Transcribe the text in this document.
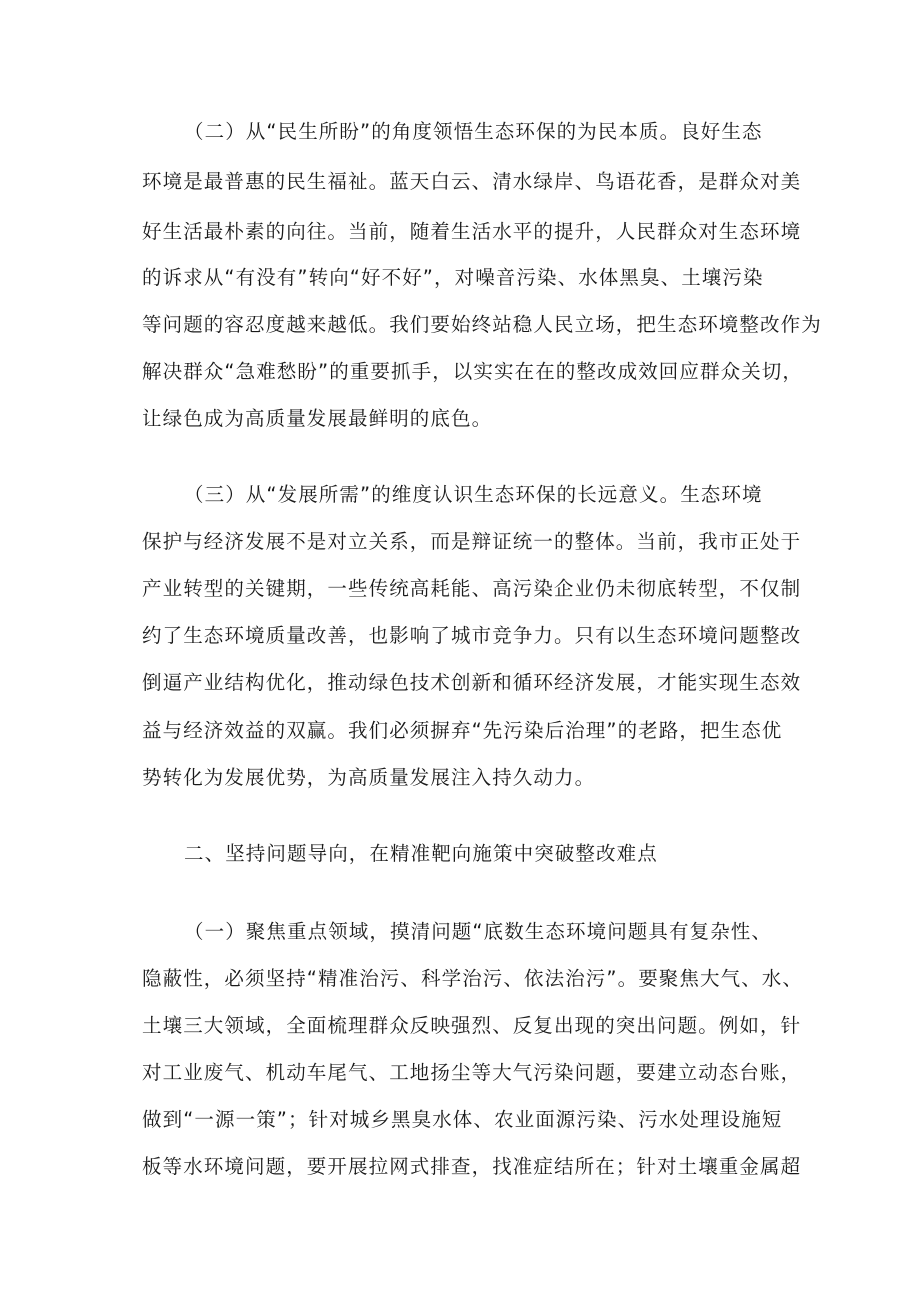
（二）从“民生所盼”的角度领悟生态环保的为民本质。良好生态
环境是最普惠的民生福祉。蓝天白云、清水绿岸、鸟语花香，是群众对美
好生活最朴素的向往。当前，随着生活水平的提升，人民群众对生态环境
的诉求从“有没有”转向“好不好”，对噪音污染、水体黑臭、土壤污染
等问题的容忍度越来越低。我们要始终站稳人民立场，把生态环境整改作为
解决群众“急难愁盼”的重要抓手，以实实在在的整改成效回应群众关切，
让绿色成为高质量发展最鲜明的底色。
（三）从“发展所需”的维度认识生态环保的长远意义。生态环境
保护与经济发展不是对立关系，而是辩证统一的整体。当前，我市正处于
产业转型的关键期，一些传统高耗能、高污染企业仍未彻底转型，不仅制
约了生态环境质量改善，也影响了城市竞争力。只有以生态环境问题整改
倒逼产业结构优化，推动绿色技术创新和循环经济发展，才能实现生态效
益与经济效益的双赢。我们必须摒弃“先污染后治理”的老路，把生态优
势转化为发展优势，为高质量发展注入持久动力。
二、坚持问题导向，在精准靶向施策中突破整改难点
（一）聚焦重点领域，摸清问题“底数生态环境问题具有复杂性、
隐蔽性，必须坚持“精准治污、科学治污、依法治污”。要聚焦大气、水、
土壤三大领域，全面梳理群众反映强烈、反复出现的突出问题。例如，针
对工业废气、机动车尾气、工地扬尘等大气污染问题，要建立动态台账，
做到“一源一策”；针对城乡黑臭水体、农业面源污染、污水处理设施短
板等水环境问题，要开展拉网式排查，找准症结所在；针对土壤重金属超
